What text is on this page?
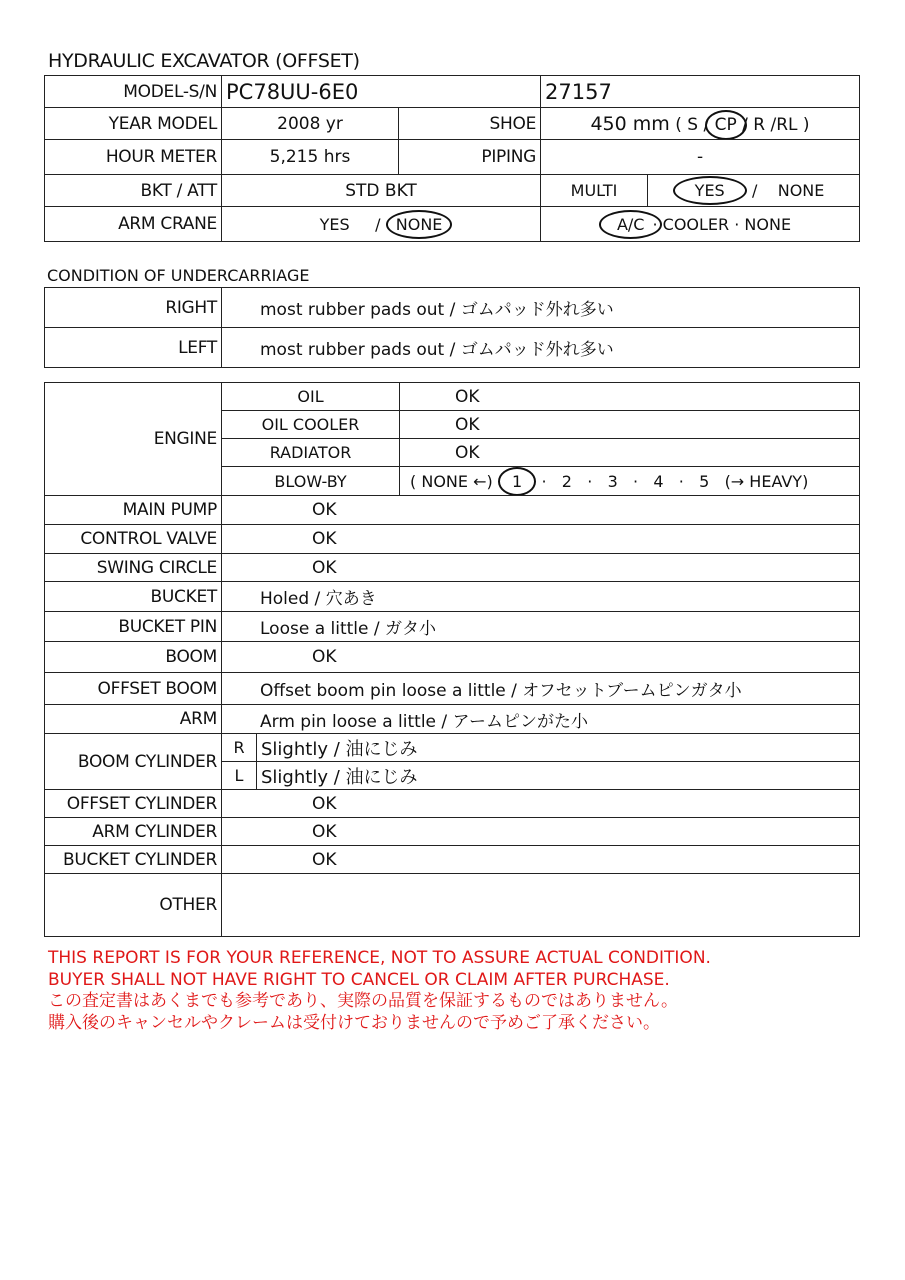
HYDRAULIC EXCAVATOR (OFFSET)
MODEL-S/N	PC78UU-6E0		27157	
YEAR MODEL	2008 yr	SHOE	450 mm ( S / CP / R /RL )	
HOUR METER	5,215 hrs	PIPING	-	
BKT / ATT	STD BKT		MULTI	YES / NONE
ARM CRANE	YES / NONE		A/C · COOLER · NONE	
CONDITION OF UNDERCARRIAGE
RIGHT	most rubber pads out / ゴムパッド外れ多い
LEFT	most rubber pads out / ゴムパッド外れ多い
ENGINE	OIL		OK
	OIL COOLER		OK
	RADIATOR		OK
	BLOW-BY		( NONE ←) 1 ·   2   ·   3   ·   4   ·   5   (→ HEAVY)
MAIN PUMP	OK		
CONTROL VALVE	OK		
SWING CIRCLE	OK		
BUCKET	Holed / 穴あき		
BUCKET PIN	Loose a little / ガタ小		
BOOM	OK		
OFFSET BOOM	Offset boom pin loose a little / オフセットブームピンガタ小		
ARM	Arm pin loose a little / アームピンがた小		
BOOM CYLINDER	R	Slightly / 油にじみ	
	L	Slightly / 油にじみ	
OFFSET CYLINDER	OK		
ARM CYLINDER	OK		
BUCKET CYLINDER	OK		
OTHER			
THIS REPORT IS FOR YOUR REFERENCE, NOT TO ASSURE ACTUAL CONDITION.
BUYER SHALL NOT HAVE RIGHT TO CANCEL OR CLAIM AFTER PURCHASE.
この査定書はあくまでも参考であり、実際の品質を保証するものではありません。
購入後のキャンセルやクレームは受付けておりませんので予めご了承ください。
